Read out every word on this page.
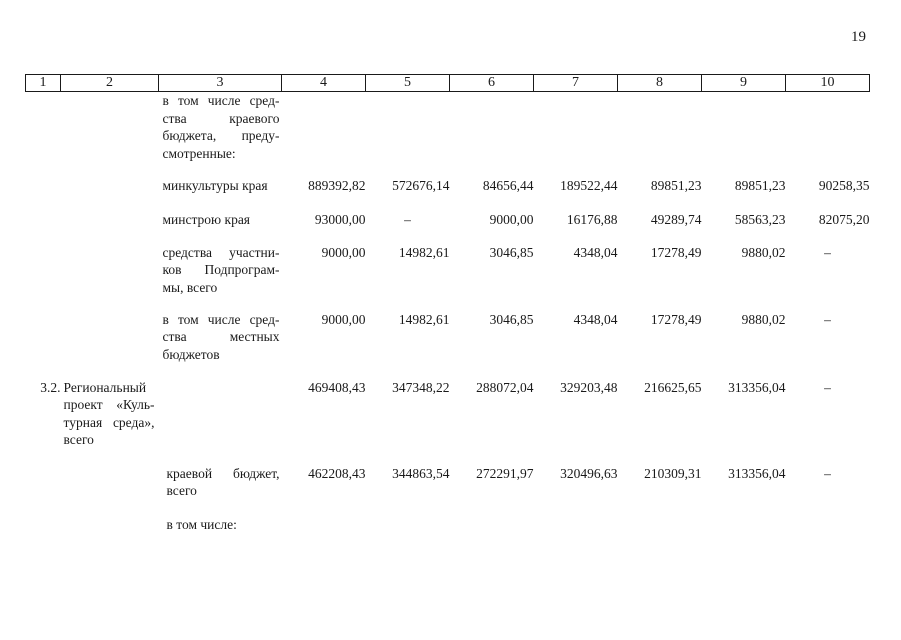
19
1	2	3	4	5	6	7	8	9	10
		в том числе сред-ства краевого бюджета, преду-смотренные:							
		минкультуры края	889392,82	572676,14	84656,44	189522,44	89851,23	89851,23	90258,35
		минстрою края	93000,00	–	9000,00	16176,88	49289,74	58563,23	82075,20
		средства участни-ков Подпрограм-мы, всего	9000,00	14982,61	3046,85	4348,04	17278,49	9880,02	–
		в том числе сред-ства местных бюджетов	9000,00	14982,61	3046,85	4348,04	17278,49	9880,02	–
3.2.	Региональный проект «Куль-турная среда», всего		469408,43	347348,22	288072,04	329203,48	216625,65	313356,04	–
		краевой бюджет, всего	462208,43	344863,54	272291,97	320496,63	210309,31	313356,04	–
		в том числе:							
